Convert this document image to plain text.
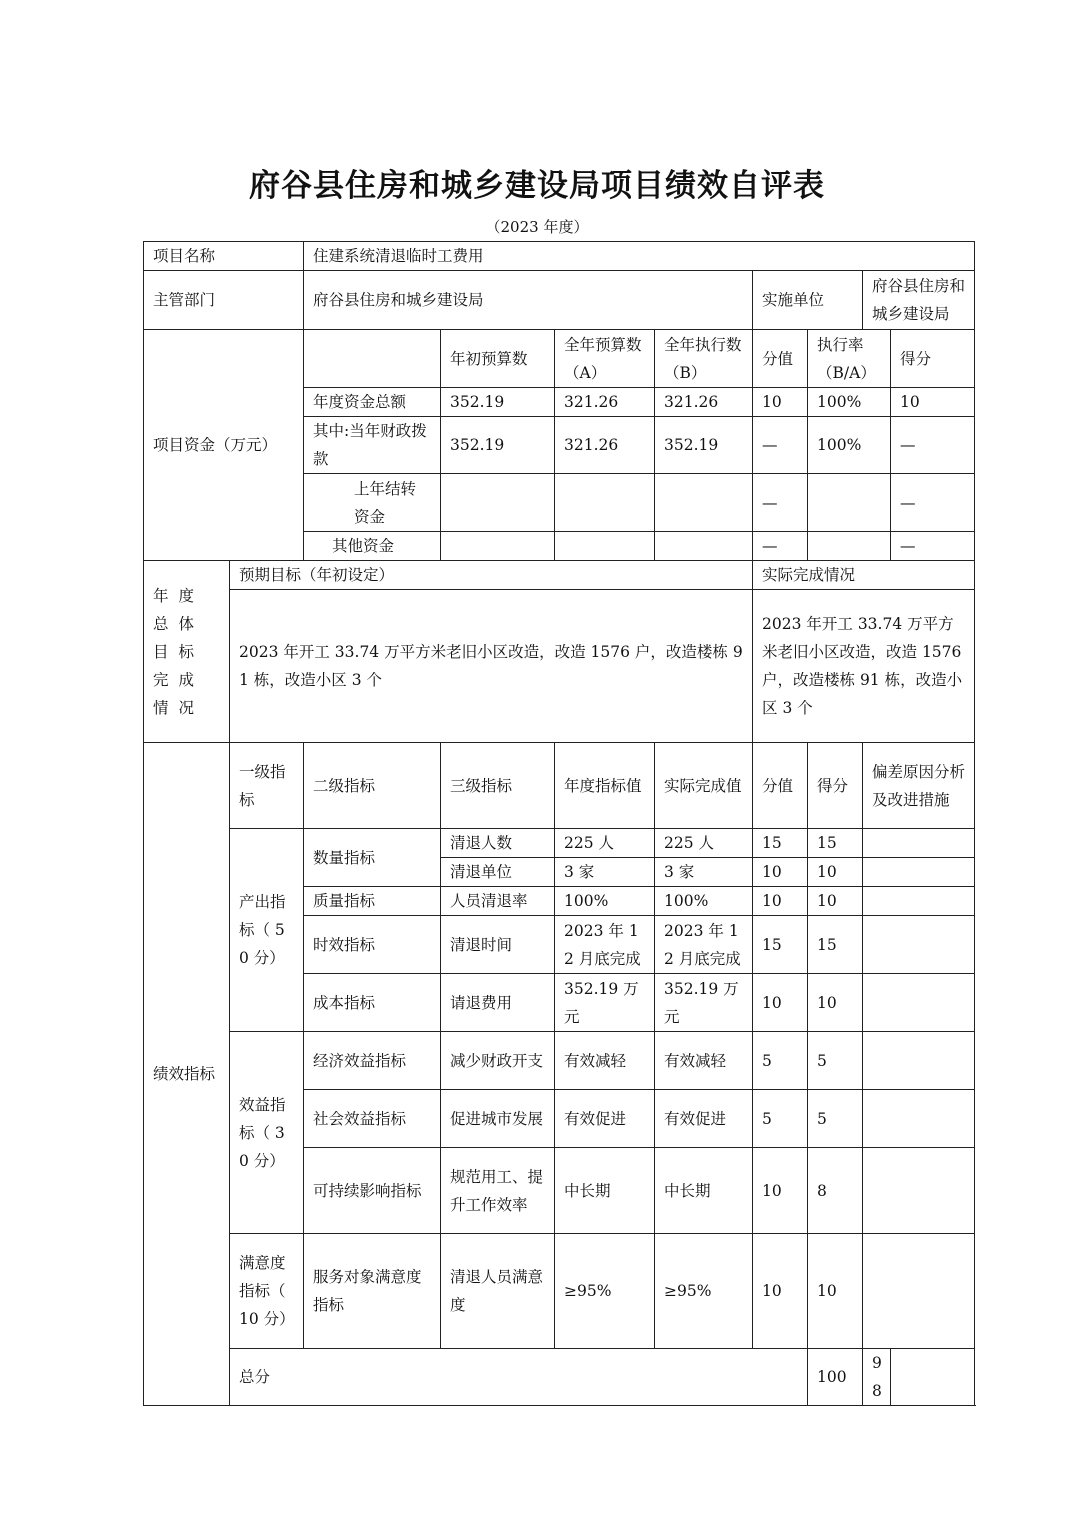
府谷县住房和城乡建设局项目绩效自评表
（2023 年度）
项目名称		住建系统清退临时工费用							
主管部门		府谷县住房和城乡建设局				实施单位		府谷县住房和城乡建设局	
项目资金（万元）			年初预算数	全年预算数（A）	全年执行数（B）	分值	执行率（B/A）		得分
		年度资金总额	352.19	321.26	321.26	10	100%		10
		其中:当年财政拨款	352.19	321.26	352.19	—	100%		—
		上年结转资金				—			—
		其他资金				—			—
年度总体目标完成情况	预期目标（年初设定）					实际完成情况			
	2023 年开工 33.74 万平方米老旧小区改造，改造 1576 户，改造楼栋 91 栋，改造小区 3 个					2023 年开工 33.74 万平方米老旧小区改造，改造 1576 户，改造楼栋 91 栋，改造小区 3 个			
绩效指标	一级指标	二级指标	三级指标	年度指标值	实际完成值	分值	得分	偏差原因分析及改进措施	
	产出指标（ 50 分）	数量指标	清退人数	225 人	225 人	15	15		
			清退单位	3 家	3 家	10	10		
		质量指标	人员清退率	100%	100%	10	10		
		时效指标	清退时间	2023 年 12 月底完成	2023 年 12 月底完成	15	15		
		成本指标	请退费用	352.19 万元	352.19 万元	10	10		
	效益指标（ 30 分）	经济效益指标	减少财政开支	有效减轻	有效减轻	5	5		
		社会效益指标	促进城市发展	有效促进	有效促进	5	5		
		可持续影响指标	规范用工、提升工作效率	中长期	中长期	10	8		
	满意度指标（ 10 分）	服务对象满意度指标	清退人员满意度	≥95%	≥95%	10	10		
	总分						100	98	
